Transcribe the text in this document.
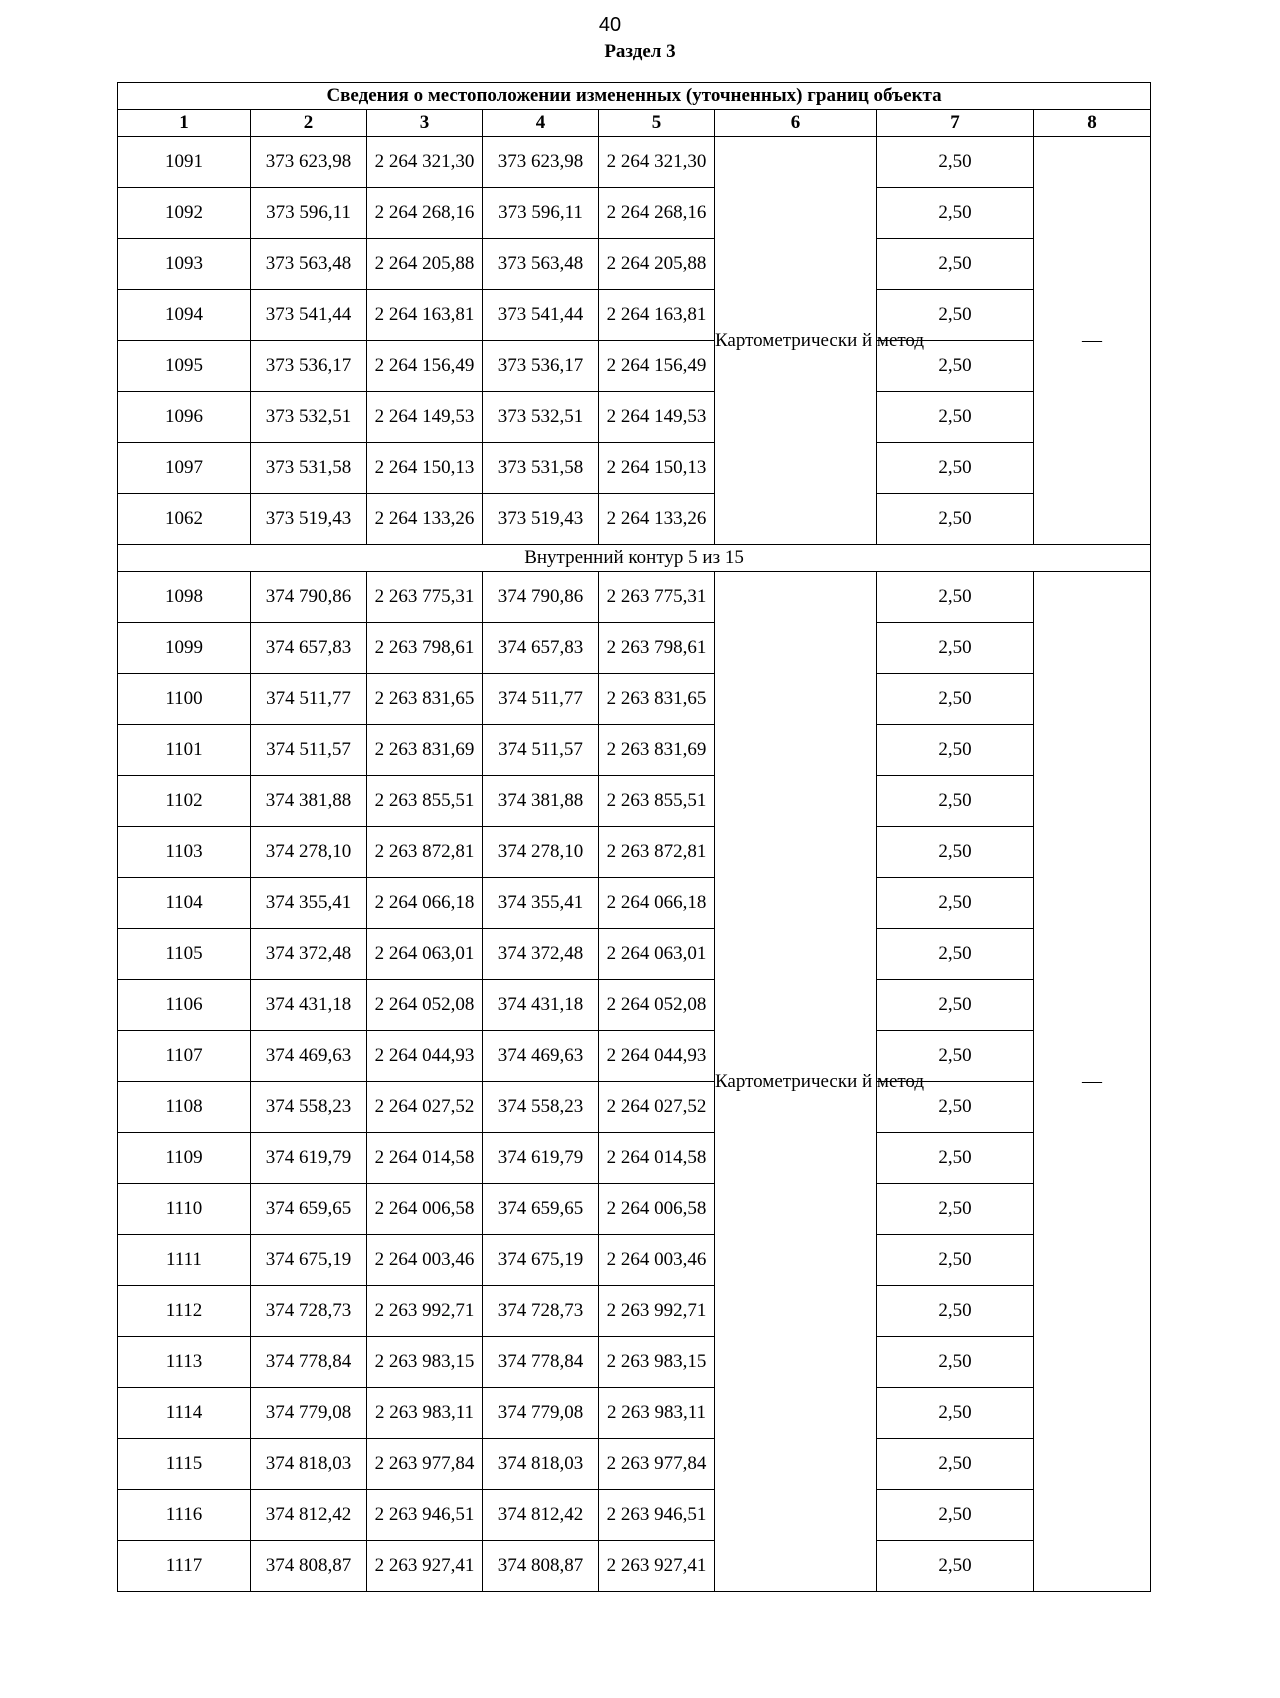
40
Раздел 3
Сведения о местоположении измененных (уточненных) границ объекта							
1	2	3	4	5	6	7	8
1091	373 623,98	2 264 321,30	373 623,98	2 264 321,30	Картометрически й метод	2,50	—
1092	373 596,11	2 264 268,16	373 596,11	2 264 268,16		2,50	
1093	373 563,48	2 264 205,88	373 563,48	2 264 205,88		2,50	
1094	373 541,44	2 264 163,81	373 541,44	2 264 163,81		2,50	
1095	373 536,17	2 264 156,49	373 536,17	2 264 156,49		2,50	
1096	373 532,51	2 264 149,53	373 532,51	2 264 149,53		2,50	
1097	373 531,58	2 264 150,13	373 531,58	2 264 150,13		2,50	
1062	373 519,43	2 264 133,26	373 519,43	2 264 133,26		2,50	
Внутренний контур 5 из 15							
1098	374 790,86	2 263 775,31	374 790,86	2 263 775,31	Картометрически й метод	2,50	—
1099	374 657,83	2 263 798,61	374 657,83	2 263 798,61		2,50	
1100	374 511,77	2 263 831,65	374 511,77	2 263 831,65		2,50	
1101	374 511,57	2 263 831,69	374 511,57	2 263 831,69		2,50	
1102	374 381,88	2 263 855,51	374 381,88	2 263 855,51		2,50	
1103	374 278,10	2 263 872,81	374 278,10	2 263 872,81		2,50	
1104	374 355,41	2 264 066,18	374 355,41	2 264 066,18		2,50	
1105	374 372,48	2 264 063,01	374 372,48	2 264 063,01		2,50	
1106	374 431,18	2 264 052,08	374 431,18	2 264 052,08		2,50	
1107	374 469,63	2 264 044,93	374 469,63	2 264 044,93		2,50	
1108	374 558,23	2 264 027,52	374 558,23	2 264 027,52		2,50	
1109	374 619,79	2 264 014,58	374 619,79	2 264 014,58		2,50	
1110	374 659,65	2 264 006,58	374 659,65	2 264 006,58		2,50	
1111	374 675,19	2 264 003,46	374 675,19	2 264 003,46		2,50	
1112	374 728,73	2 263 992,71	374 728,73	2 263 992,71		2,50	
1113	374 778,84	2 263 983,15	374 778,84	2 263 983,15		2,50	
1114	374 779,08	2 263 983,11	374 779,08	2 263 983,11		2,50	
1115	374 818,03	2 263 977,84	374 818,03	2 263 977,84		2,50	
1116	374 812,42	2 263 946,51	374 812,42	2 263 946,51		2,50	
1117	374 808,87	2 263 927,41	374 808,87	2 263 927,41		2,50	
